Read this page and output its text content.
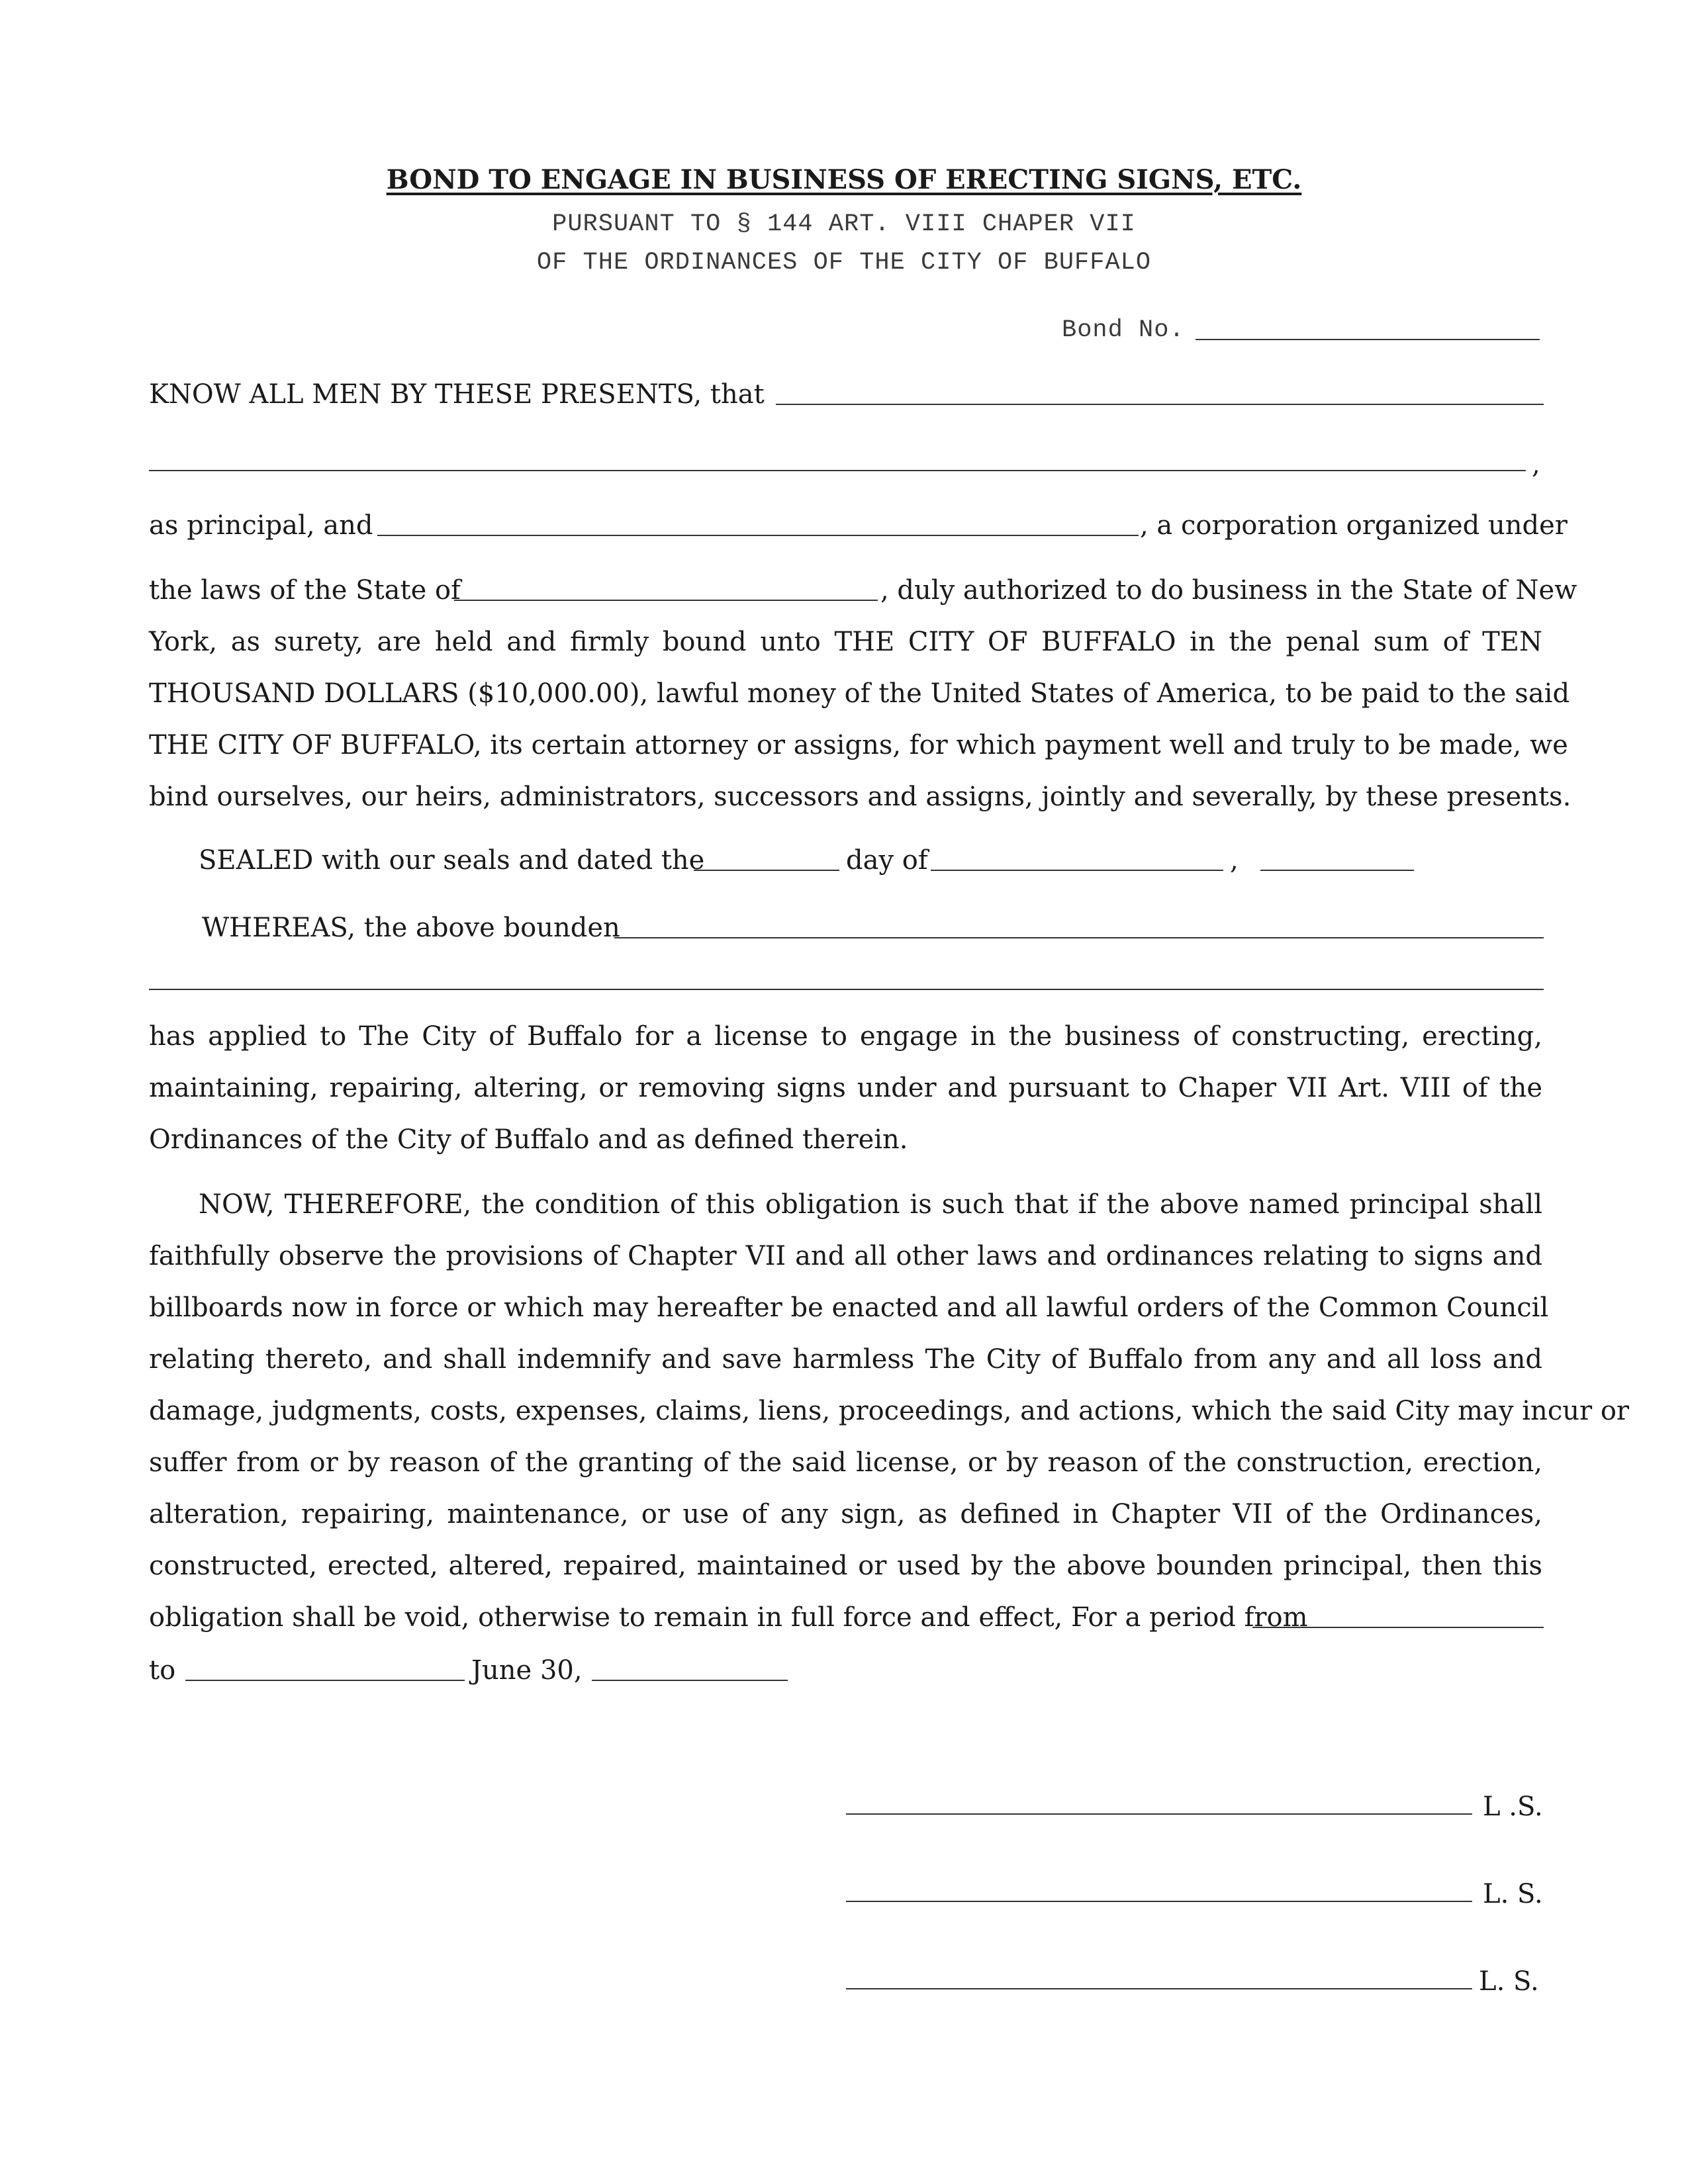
BOND TO ENGAGE IN BUSINESS OF ERECTING SIGNS, ETC.
PURSUANT TO § 144 ART. VIII CHAPER VII
OF THE ORDINANCES OF THE CITY OF BUFFALO
Bond No.
KNOW ALL MEN BY THESE PRESENTS, that
,
as principal, and	, a corporation organized under
the laws of the State of	, duly authorized to do business in the State of New
York, as surety, are held and firmly bound unto THE CITY OF BUFFALO in the penal sum of TEN
THOUSAND DOLLARS ($10,000.00), lawful money of the United States of America, to be paid to the said
THE CITY OF BUFFALO, its certain attorney or assigns, for which payment well and truly to be made, we
bind ourselves, our heirs, administrators, successors and assigns, jointly and severally, by these presents.
SEALED with our seals and dated the	day of	,
WHEREAS, the above bounden
has applied to The City of Buffalo for a license to engage in the business of constructing, erecting,
maintaining, repairing, altering, or removing signs under and pursuant to Chaper VII Art. VIII of the
Ordinances of the City of Buffalo and as defined therein.
NOW, THEREFORE, the condition of this obligation is such that if the above named principal shall
faithfully observe the provisions of Chapter VII and all other laws and ordinances relating to signs and
billboards now in force or which may hereafter be enacted and all lawful orders of the Common Council
relating thereto, and shall indemnify and save harmless The City of Buffalo from any and all loss and
damage, judgments, costs, expenses, claims, liens, proceedings, and actions, which the said City may incur or
suffer from or by reason of the granting of the said license, or by reason of the construction, erection,
alteration, repairing, maintenance, or use of any sign, as defined in Chapter VII of the Ordinances,
constructed, erected, altered, repaired, maintained or used by the above bounden principal, then this
obligation shall be void, otherwise to remain in full force and effect, For a period from
to	June 30,
L .S.
L. S.
L. S.
